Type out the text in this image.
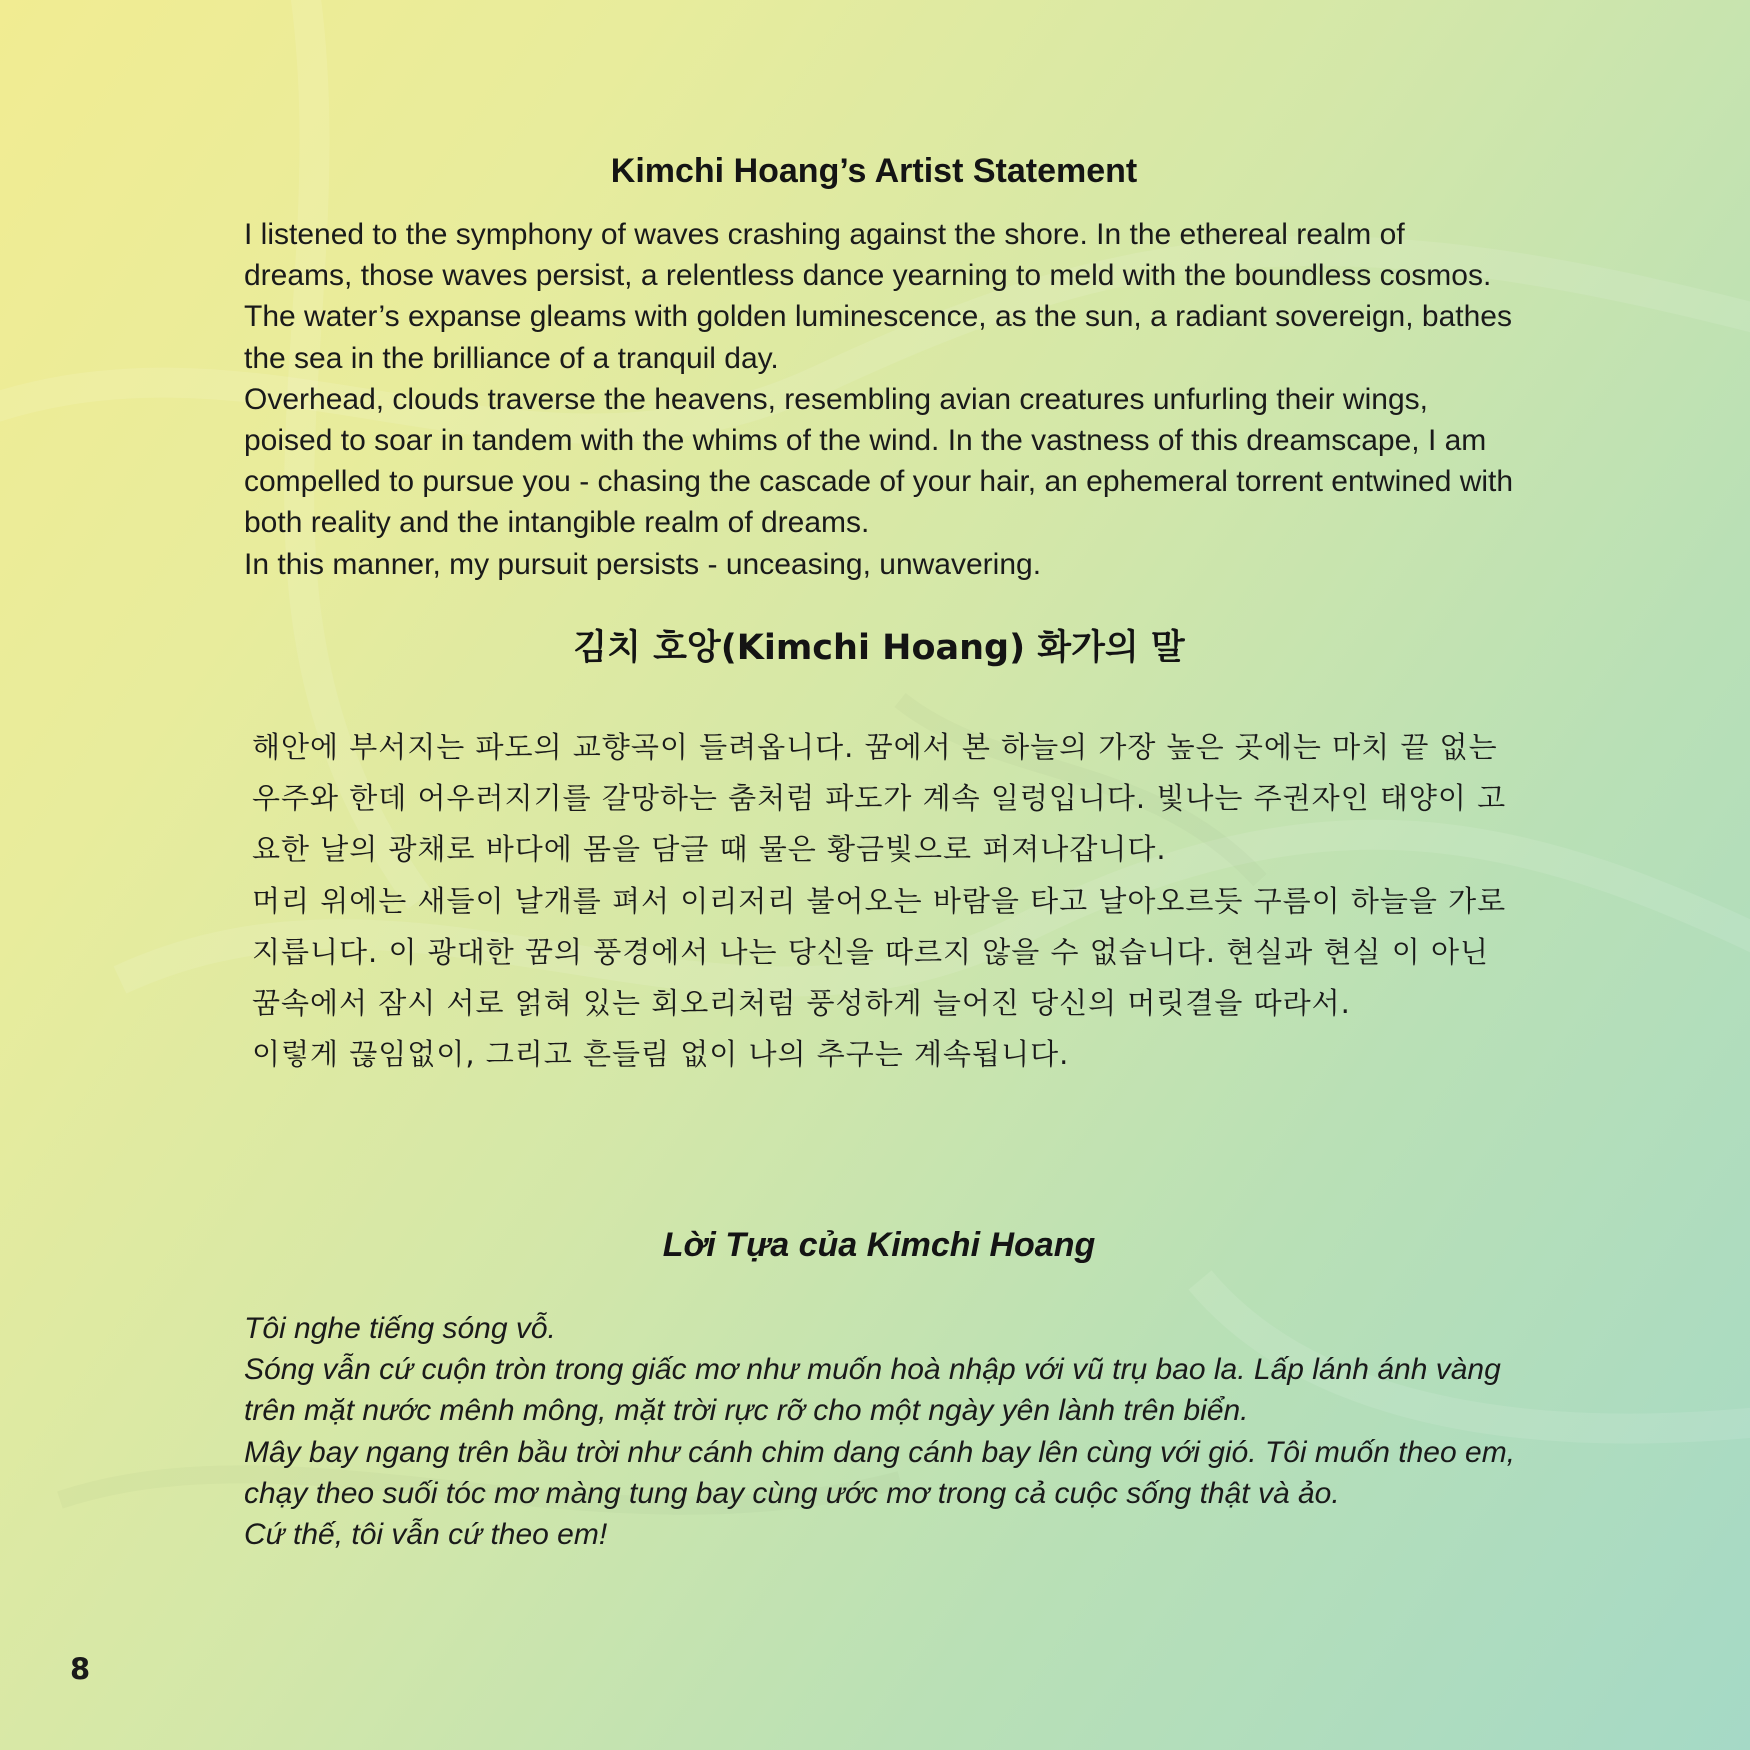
Kimchi Hoang’s Artist Statement

I listened to the symphony of waves crashing against the shore. In the ethereal realm of dreams, those waves persist, a relentless dance yearning to meld with the boundless cosmos. The water’s expanse gleams with golden luminescence, as the sun, a radiant sovereign, bathes the sea in the brilliance of a tranquil day.

Overhead, clouds traverse the heavens, resembling avian creatures unfurling their wings, poised to soar in tandem with the whims of the wind. In the vastness of this dreamscape, I am compelled to pursue you - chasing the cascade of your hair, an ephemeral torrent entwined with both reality and the intangible realm of dreams.

In this manner, my pursuit persists - unceasing, unwavering.

김치 호앙(Kimchi Hoang) 화가의 말

해안에 부서지는 파도의 교향곡이 들려옵니다. 꿈에서 본 하늘의 가장 높은 곳에는 마치 끝 없는 우주와 한데 어우러지기를 갈망하는 춤처럼 파도가 계속 일렁입니다. 빛나는 주권자인 태양이 고요한 날의 광채로 바다에 몸을 담글 때 물은 황금빛으로 퍼져나갑니다.

머리 위에는 새들이 날개를 펴서 이리저리 불어오는 바람을 타고 날아오르듯 구름이 하늘을 가로지릅니다. 이 광대한 꿈의 풍경에서 나는 당신을 따르지 않을 수 없습니다. 현실과 현실 이 아닌 꿈속에서 잠시 서로 얽혀 있는 회오리처럼 풍성하게 늘어진 당신의 머릿결을 따라서.

이렇게 끊임없이, 그리고 흔들림 없이 나의 추구는 계속됩니다.

Lời Tựa của Kimchi Hoang

Tôi nghe tiếng sóng vỗ.

Sóng vẫn cứ cuộn tròn trong giấc mơ như muốn hoà nhập với vũ trụ bao la. Lấp lánh ánh vàng trên mặt nước mênh mông, mặt trời rực rỡ cho một ngày yên lành trên biển.

Mây bay ngang trên bầu trời như cánh chim dang cánh bay lên cùng với gió. Tôi muốn theo em, chạy theo suối tóc mơ màng tung bay cùng ước mơ trong cả cuộc sống thật và ảo.

Cứ thế, tôi vẫn cứ theo em!

8
